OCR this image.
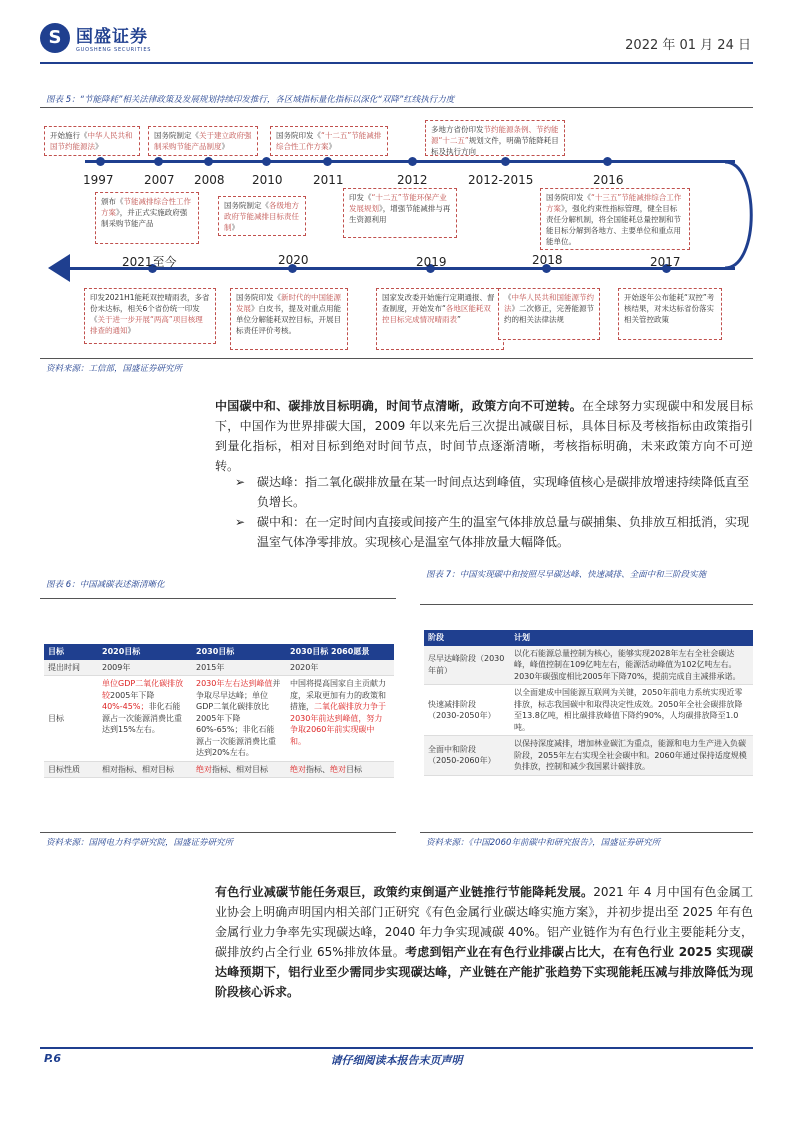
S 国盛证券
GUOSHENG SECURITIES	2022 年 01 月 24 日
图表 5：“节能降耗”相关法律政策及发展规划持续印发推行，各区域指标量化指标以深化“双降”红线执行力度
1997	2007 2008 2010	2011	2012	2012-2015	2016
2021至今	2020	2019	2018	2017
开始施行《中华人民共和国节约能源法》
国务院制定《关于建立政府强制采购节能产品制度》
国务院印发《“十二五”节能减排综合性工作方案》
多地方省份印发节约能源条例、节约能源“十二五”规划文件，明确节能降耗目标及执行方向
颁布《节能减排综合性工作方案》，并正式实施政府强制采购节能产品
国务院制定《各级地方政府节能减排目标责任制》
印发《“十二五”节能环保产业发展规划》，增强节能减排与再生资源利用
国务院印发《“十三五”节能减排综合工作方案》，强化约束性指标管理，健全目标责任分解机制，将全国能耗总量控制和节能目标分解到各地方、主要单位和重点用能单位。
印发2021H1能耗双控晴雨表，多省份未达标，相关6个省份统一印发《关于进一步开展“两高”项目核理排查的通知》
国务院印发《新时代的中国能源发展》白皮书，提及对重点用能单位分解能耗双控目标，开展目标责任评价考核。
国家发改委开始施行定期通报、督查制度，开始发布“各地区能耗双控目标完成情况晴雨表”
《中华人民共和国能源节约法》二次修正，完善能源节约的相关法律法规
开始逐年公布能耗“双控”考核结果，对未达标省份落实相关管控政策
资料来源：工信部，国盛证券研究所
中国碳中和、碳排放目标明确，时间节点清晰，政策方向不可逆转。在全球努力实现碳中和发展目标下，中国作为世界排碳大国，2009 年以来先后三次提出减碳目标，具体目标及考核指标由政策指引到量化指标，相对目标到绝对时间节点，时间节点逐渐清晰，考核指标明确，未来政策方向不可逆转。
➢ 碳达峰：指二氧化碳排放量在某一时间点达到峰值，实现峰值核心是碳排放增速持续降低直至负增长。
➢ 碳中和：在一定时间内直接或间接产生的温室气体排放总量与碳捕集、负排放互相抵消，实现温室气体净零排放。实现核心是温室气体排放量大幅降低。
图表 6：中国减碳表述渐清晰化
目标	2020目标	2030目标	2030目标 2060愿景
提出时间	2009年	2015年	2020年
目标	单位GDP二氧化碳排放较2005年下降40%-45%；非化石能源占一次能源消费比重达到15%左右。	2030年左右达到峰值并争取尽早达峰；单位GDP二氧化碳排放比2005年下降60%-65%；非化石能源占一次能源消费比重达到20%左右。	中国将提高国家自主贡献力度，采取更加有力的政策和措施，二氧化碳排放力争于2030年前达到峰值，努力争取2060年前实现碳中和。
目标性质	相对指标、相对目标	绝对指标、相对目标	绝对指标、绝对目标
资料来源：国网电力科学研究院，国盛证券研究所
图表 7：中国实现碳中和按照尽早碳达峰、快速减排、全面中和三阶段实施
阶段	计划
尽早达峰阶段（2030年前）	以化石能源总量控制为核心，能够实现2028年左右全社会碳达峰，峰值控制在109亿吨左右，能源活动峰值为102亿吨左右。2030年碳强度相比2005年下降70%，提前完成自主减排承诺。
快速减排阶段（2030-2050年）	以全面建成中国能源互联网为关键，2050年前电力系统实现近零排放，标志我国碳中和取得决定性成效。2050年全社会碳排放降至13.8亿吨，相比碳排放峰值下降约90%，人均碳排放降至1.0吨。
全面中和阶段（2050-2060年）	以保持深度减排，增加林业碳汇为重点，能源和电力生产进入负碳阶段，2055年左右实现全社会碳中和。2060年通过保持适度规模负排放，控制和减少我国累计碳排放。
资料来源：《中国2060年前碳中和研究报告》，国盛证券研究所
有色行业减碳节能任务艰巨，政策约束倒逼产业链推行节能降耗发展。2021 年 4 月中国有色金属工业协会上明确声明国内相关部门正研究《有色金属行业碳达峰实施方案》，并初步提出至 2025 年有色金属行业力争率先实现碳达峰，2040 年力争实现减碳 40%。铝产业链作为有色行业主要能耗分支，碳排放约占全行业 65%排放体量。考虑到铝产业在有色行业排碳占比大，在有色行业 2025 实现碳达峰预期下，铝行业至少需同步实现碳达峰，产业链在产能扩张趋势下实现能耗压减与排放降低为现阶段核心诉求。
P.6	请仔细阅读本报告末页声明
